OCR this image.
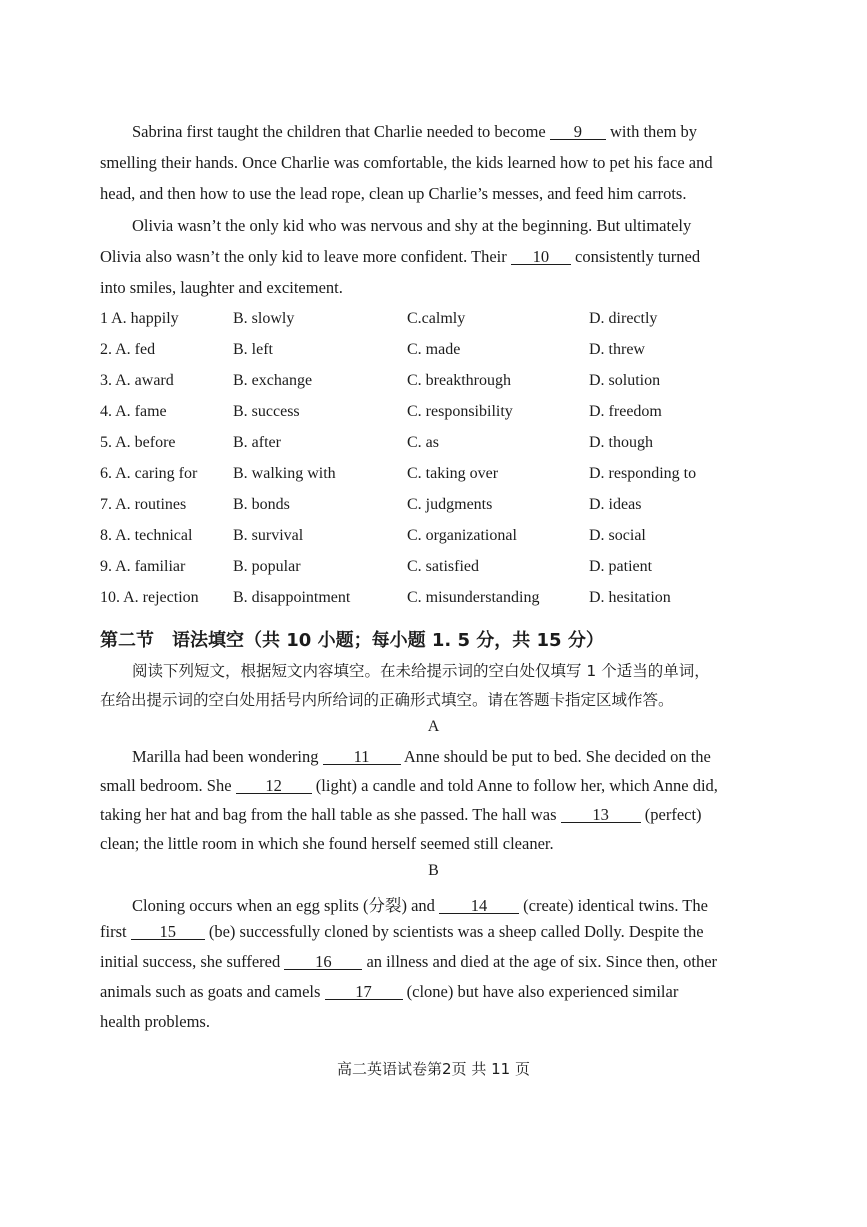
Sabrina first taught the children that Charlie needed to become 9 with them by
smelling their hands. Once Charlie was comfortable, the kids learned how to pet his face and
head, and then how to use the lead rope, clean up Charlie’s messes, and feed him carrots.
Olivia wasn’t the only kid who was nervous and shy at the beginning. But ultimately
Olivia also wasn’t the only kid to leave more confident. Their 10 consistently turned
into smiles, laughter and excitement.
1 A. happily	B. slowly	C.calmly	D. directly
2. A. fed	B. left	C. made	D. threw
3. A. award	B. exchange	C. breakthrough	D. solution
4. A. fame	B. success	C. responsibility	D. freedom
5. A. before	B. after	C. as	D. though
6. A. caring for B. walking with	C. taking over	D. responding to
7. A. routines	B. bonds	C. judgments	D. ideas
8. A. technical	B. survival	C. organizational	D. social
9. A. familiar	B. popular	C. satisfied	D. patient
10. A. rejection B. disappointment	C. misunderstanding	D. hesitation
第二节　语法填空（共 10 小题；每小题 1. 5 分，共 15 分）
阅读下列短文，根据短文内容填空。在未给提示词的空白处仅填写 1 个适当的单词，
在给出提示词的空白处用括号内所给词的正确形式填空。请在答题卡指定区域作答。
A
Marilla had been wondering 11 Anne should be put to bed. She decided on the
small bedroom. She 12 (light) a candle and told Anne to follow her, which Anne did,
taking her hat and bag from the hall table as she passed. The hall was 13 (perfect)
clean; the little room in which she found herself seemed still cleaner.
B
Cloning occurs when an egg splits (分裂) and 14 (create) identical twins. The
first 15 (be) successfully cloned by scientists was a sheep called Dolly. Despite the
initial success, she suffered 16 an illness and died at the age of six. Since then, other
animals such as goats and camels 17 (clone) but have also experienced similar
health problems.
高二英语试卷第2页 共 11 页
